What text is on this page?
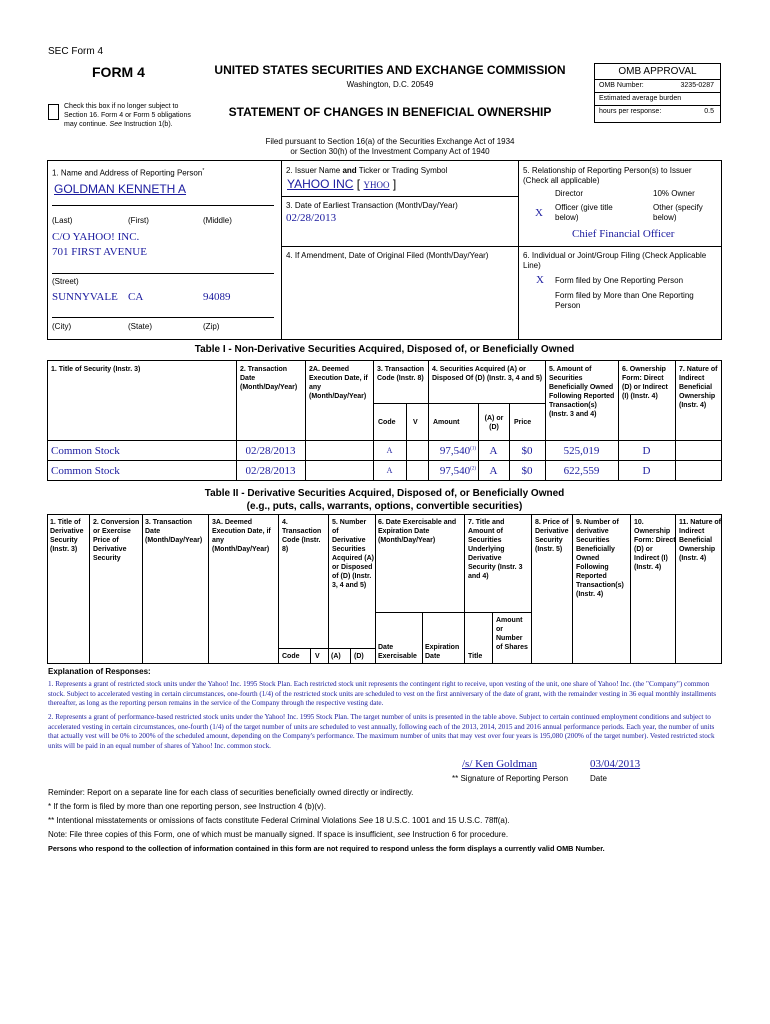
SEC Form 4
FORM 4	UNITED STATES SECURITIES AND EXCHANGE COMMISSION
Washington, D.C. 20549
Check this box if no longer subject to Section 16. Form 4 or Form 5 obligations may continue. See Instruction 1(b).
STATEMENT OF CHANGES IN BENEFICIAL OWNERSHIP
Filed pursuant to Section 16(a) of the Securities Exchange Act of 1934
or Section 30(h) of the Investment Company Act of 1940
OMB APPROVAL
OMB Number:	3235-0287
Estimated average burden
hours per response:	0.5
1. Name and Address of Reporting Person*
GOLDMAN KENNETH A
(Last)	(First)	(Middle)
C/O YAHOO! INC.
701 FIRST AVENUE
(Street)
SUNNYVALE CA	94089
(City)	(State)	(Zip)
2. Issuer Name and Ticker or Trading Symbol
YAHOO INC [ YHOO ]
3. Date of Earliest Transaction (Month/Day/Year)
02/28/2013
4. If Amendment, Date of Original Filed (Month/Day/Year)
5. Relationship of Reporting Person(s) to Issuer
(Check all applicable)
Director	10% Owner
X Officer (give title below)
Other (specify below)
Chief Financial Officer
6. Individual or Joint/Group Filing (Check Applicable Line)
X Form filed by One Reporting Person
Form filed by More than One Reporting Person
Table I - Non-Derivative Securities Acquired, Disposed of, or Beneficially Owned
1. Title of Security (Instr. 3)	2. Transaction Date (Month/Day/Year)
2A. Deemed Execution Date, if any (Month/Day/Year)
3. Transaction Code (Instr. 8)
4. Securities Acquired (A) or Disposed Of (D) (Instr. 3, 4 and 5)
5. Amount of Securities Beneficially Owned Following Reported Transaction(s) (Instr. 3 and 4)
6. Ownership Form: Direct (D) or Indirect (I) (Instr. 4)
7. Nature of Indirect Beneficial Ownership (Instr. 4)
Code	V Amount
(A) or (D)
Price
Common Stock	02/28/2013	A	97,540$^{(1)}$	A	$0	525,019	D
Common Stock	02/28/2013	A	97,540$^{(2)}$	A	$0	622,559	D
Table II - Derivative Securities Acquired, Disposed of, or Beneficially Owned
(e.g., puts, calls, warrants, options, convertible securities)
1. Title of Derivative Security (Instr. 3)
2. Conversion or Exercise Price of Derivative Security
3. Transaction Date (Month/Day/Year)
3A. Deemed Execution Date, if any (Month/Day/Year)
4. Transaction Code (Instr. 8)
5. Number of Derivative Securities Acquired (A) or Disposed of (D) (Instr. 3, 4 and 5)
6. Date Exercisable and Expiration Date (Month/Day/Year)
7. Title and Amount of Securities Underlying Derivative Security (Instr. 3 and 4)
8. Price of Derivative Security (Instr. 5)
9. Number of derivative Securities Beneficially Owned Following Reported Transaction(s) (Instr. 4)
10. Ownership Form: Direct (D) or Indirect (I) (Instr. 4)
11. Nature of Indirect Beneficial Ownership (Instr. 4)
Code V (A) (D)
Date Exercisable
Expiration Date	Title
Amount or Number of Shares
Explanation of Responses:
1. Represents a grant of restricted stock units under the Yahoo! Inc. 1995 Stock Plan. Each restricted stock unit represents the contingent right to receive, upon vesting of the unit, one share of Yahoo! Inc. (the "Company") common stock. Subject to accelerated vesting in certain circumstances, one-fourth (1/4) of the restricted stock units are scheduled to vest on the first anniversary of the date of grant, with the remainder vesting in 36 equal monthly installments thereafter, as long as the reporting person remains in the service of the Company through the respective vesting date.
2. Represents a grant of performance-based restricted stock units under the Yahoo! Inc. 1995 Stock Plan. The target number of units is presented in the table above. Subject to certain continued employment conditions and subject to accelerated vesting in certain circumstances, one-fourth (1/4) of the target number of units are scheduled to vest annually, following each of the 2013, 2014, 2015 and 2016 annual performance periods. Each year, the number of units that actually vest will be 0% to 200% of the scheduled amount, depending on the Company's performance. The maximum number of units that may vest over four years is 195,080 (200% of the target number). Vested restricted stock units will be paid in an equal number of shares of Yahoo! Inc. common stock.
/s/ Ken Goldman	03/04/2013
** Signature of Reporting Person	Date
Reminder: Report on a separate line for each class of securities beneficially owned directly or indirectly.
* If the form is filed by more than one reporting person, see Instruction 4 (b)(v).
** Intentional misstatements or omissions of facts constitute Federal Criminal Violations See 18 U.S.C. 1001 and 15 U.S.C. 78ff(a).
Note: File three copies of this Form, one of which must be manually signed. If space is insufficient, see Instruction 6 for procedure.
Persons who respond to the collection of information contained in this form are not required to respond unless the form displays a currently valid OMB Number.
